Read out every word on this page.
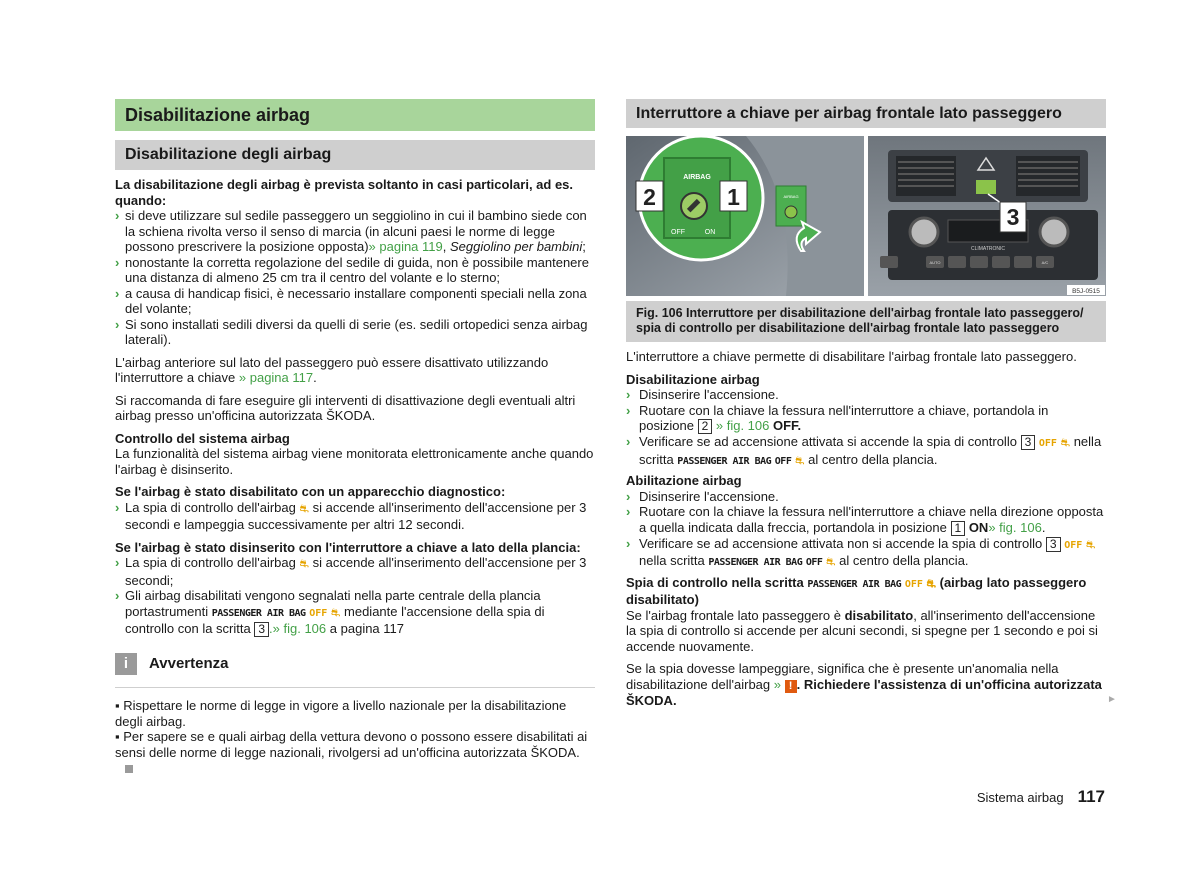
Disabilitazione airbag
Disabilitazione degli airbag

La disabilitazione degli airbag è prevista soltanto in casi particolari, ad es. quando:

› si deve utilizzare sul sedile passeggero un seggiolino in cui il bambino siede con la schiena rivolta verso il senso di marcia (in alcuni paesi le norme di legge possono prescrivere la posizione opposta)» pagina 119, Seggiolino per bambini;
› nonostante la corretta regolazione del sedile di guida, non è possibile mantenere una distanza di almeno 25 cm tra il centro del volante e lo sterno;
› a causa di handicap fisici, è necessario installare componenti speciali nella zona del volante;
› Si sono installati sedili diversi da quelli di serie (es. sedili ortopedici senza airbag laterali).

L'airbag anteriore sul lato del passeggero può essere disattivato utilizzando l'interruttore a chiave » pagina 117.

Si raccomanda di fare eseguire gli interventi di disattivazione degli eventuali altri airbag presso un'officina autorizzata ŠKODA.

Controllo del sistema airbag

La funzionalità del sistema airbag viene monitorata elettronicamente anche quando l'airbag è disinserito.

Se l'airbag è stato disabilitato con un apparecchio diagnostico:

› La spia di controllo dell'airbag ⛐ si accende all'inserimento dell'accensione per 3 secondi e lampeggia successivamente per altri 12 secondi.

Se l'airbag è stato disinserito con l'interruttore a chiave a lato della plancia:

› La spia di controllo dell'airbag ⛐ si accende all'inserimento dell'accensione per 3 secondi;
› Gli airbag disabilitati vengono segnalati nella parte centrale della plancia portastrumenti PASSENGER AIR BAG OFF ⛐ mediante l'accensione della spia di controllo con la scritta 3 .» fig. 106 a pagina 117
i	Avvertenza

▪ Rispettare le norme di legge in vigore a livello nazionale per la disabilitazione degli airbag.

▪ Per sapere se e quali airbag della vettura devono o possono essere disabilitati ai sensi delle norme di legge nazionali, rivolgersi ad un'officina autorizzata ŠKODA.

Interruttore a chiave per airbag frontale lato passeggero
AIRBAG
AIRBAG
OFF	ON
2	1
CLIMATRONIC
AUTO	A/C
3
B5J-0515
Fig. 106 Interruttore per disabilitazione dell'airbag frontale lato passeggero/ spia di controllo per disabilitazione dell'airbag frontale lato passeggero

L'interruttore a chiave permette di disabilitare l'airbag frontale lato passeggero.

Disabilitazione airbag

› Disinserire l'accensione.
› Ruotare con la chiave la fessura nell'interruttore a chiave, portandola in posizione 2 » fig. 106 OFF.
› Verificare se ad accensione attivata si accende la spia di controllo 3 OFF ⛐ nella scritta PASSENGER AIR BAG OFF ⛐ al centro della plancia.

Abilitazione airbag

› Disinserire l'accensione.
› Ruotare con la chiave la fessura nell'interruttore a chiave nella direzione opposta a quella indicata dalla freccia, portandola in posizione 1 ON» fig. 106.
› Verificare se ad accensione attivata non si accende la spia di controllo 3 OFF ⛐ nella scritta PASSENGER AIR BAG OFF ⛐ al centro della plancia.

Spia di controllo nella scritta PASSENGER AIR BAG OFF ⛐ (airbag lato passeggero disabilitato)

Se l'airbag frontale lato passeggero è disabilitato, all'inserimento dell'accensione la spia di controllo si accende per alcuni secondi, si spegne per 1 secondo e poi si accende nuovamente.

Se la spia dovesse lampeggiare, significa che è presente un'anomalia nella disabilitazione dell'airbag » ! . Richiedere l'assistenza di un'officina autorizzata ŠKODA.	►
Sistema airbag 117
